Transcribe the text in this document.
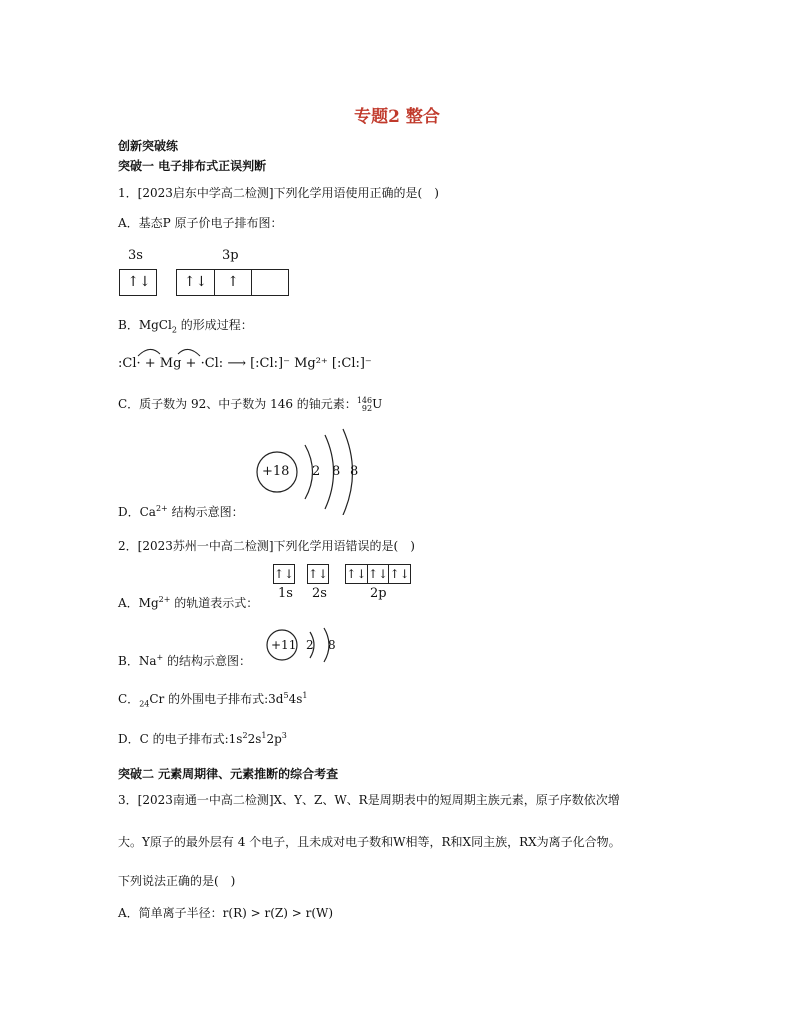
专题2 整合
创新突破练
突破一 电子排布式正误判断
1．[2023启东中学高二检测]下列化学用语使用正确的是(　)
A．基态P 原子价电子排布图：
3s	3p
↑↓	↑↓	↑
B．MgCl$_2$ 的形成过程：
:Cl· + Mg + ·Cl: ⟶ [:Cl:]⁻ Mg²⁺ [:Cl:]⁻
C．质子数为 92、中子数为 146 的铀元素：146
92U
+18 2 8 8
D．$Ca^{2+}$ 结构示意图：
2．[2023苏州一中高二检测]下列化学用语错误的是(　)
↑↓ ↑↓ ↑↓ ↑↓ ↑↓
1s 2s	2p
A．$Mg^{2+}$ 的轨道表示式：
+11 2 8
B．Na+ 的结构示意图：
C．$_{24}$Cr 的外围电子排布式$:3d^54s^1$
D．C 的电子排布式$:1s^22s^12p^3$
突破二 元素周期律、元素推断的综合考查
3．[2023南通一中高二检测]X、Y、Z、W、R是周期表中的短周期主族元素，原子序数依次增
大。Y原子的最外层有 4 个电子，且未成对电子数和W相等，R和X同主族，RX为离子化合物。
下列说法正确的是(　)
A．简单离子半径：r(R) > r(Z) > r(W)
